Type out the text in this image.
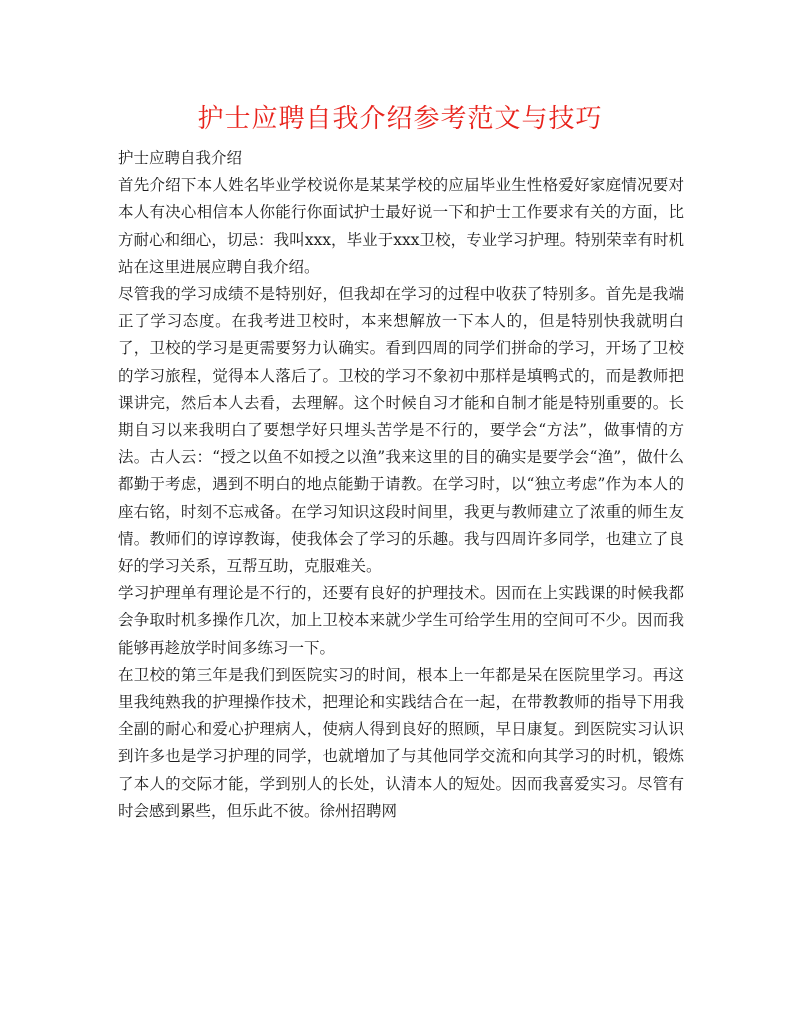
护士应聘自我介绍参考范文与技巧

护士应聘自我介绍

首先介绍下本人姓名毕业学校说你是某某学校的应届毕业生性格爱好家庭情况要对本人有决心相信本人你能行你面试护士最好说一下和护士工作要求有关的方面，比方耐心和细心，切忌：我叫xxx，毕业于xxx卫校，专业学习护理。特别荣幸有时机站在这里进展应聘自我介绍。

尽管我的学习成绩不是特别好，但我却在学习的过程中收获了特别多。首先是我端正了学习态度。在我考进卫校时，本来想解放一下本人的，但是特别快我就明白了，卫校的学习是更需要努力认确实。看到四周的同学们拼命的学习，开场了卫校的学习旅程，觉得本人落后了。卫校的学习不象初中那样是填鸭式的，而是教师把课讲完，然后本人去看，去理解。这个时候自习才能和自制才能是特别重要的。长期自习以来我明白了要想学好只埋头苦学是不行的，要学会“方法”，做事情的方法。古人云：“授之以鱼不如授之以渔”我来这里的目的确实是要学会“渔”，做什么都勤于考虑，遇到不明白的地点能勤于请教。在学习时，以“独立考虑”作为本人的座右铭，时刻不忘戒备。在学习知识这段时间里，我更与教师建立了浓重的师生友情。教师们的谆谆教诲，使我体会了学习的乐趣。我与四周许多同学，也建立了良好的学习关系，互帮互助，克服难关。

学习护理单有理论是不行的，还要有良好的护理技术。因而在上实践课的时候我都会争取时机多操作几次，加上卫校本来就少学生可给学生用的空间可不少。因而我能够再趁放学时间多练习一下。

在卫校的第三年是我们到医院实习的时间，根本上一年都是呆在医院里学习。再这里我纯熟我的护理操作技术，把理论和实践结合在一起，在带教教师的指导下用我全副的耐心和爱心护理病人，使病人得到良好的照顾，早日康复。到医院实习认识到许多也是学习护理的同学，也就增加了与其他同学交流和向其学习的时机，锻炼了本人的交际才能，学到别人的长处，认清本人的短处。因而我喜爱实习。尽管有时会感到累些，但乐此不彼。徐州招聘网
